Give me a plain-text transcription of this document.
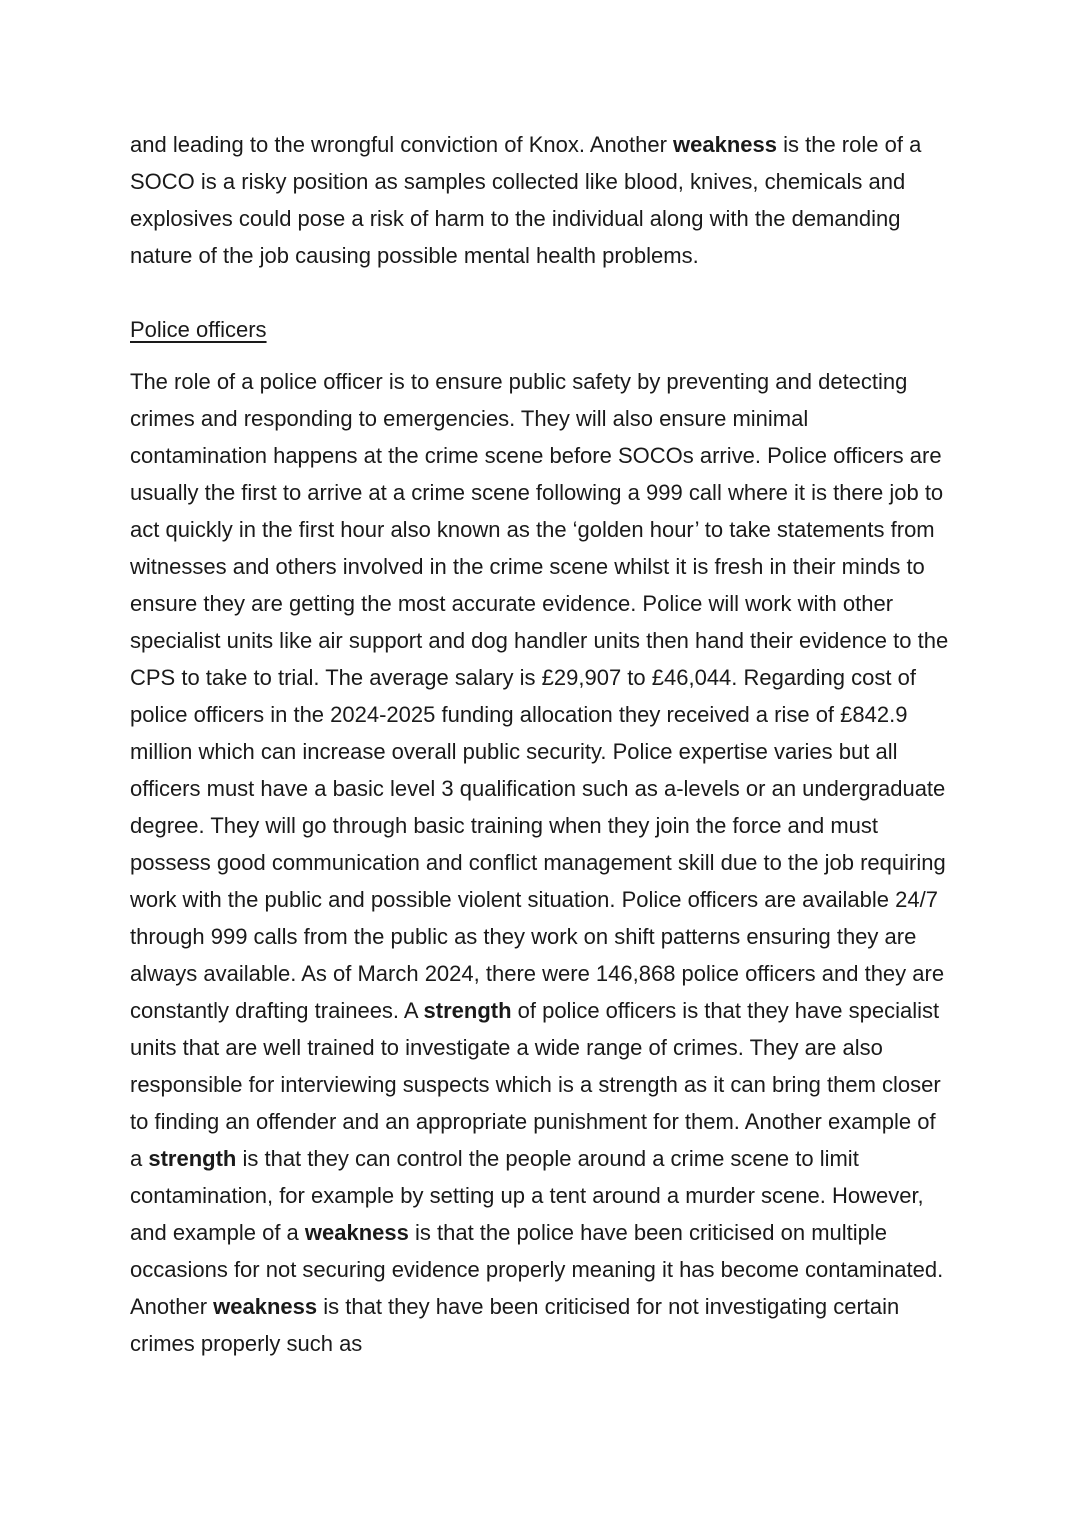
and leading to the wrongful conviction of Knox. Another weakness is the role of a SOCO is a risky position as samples collected like blood, knives, chemicals and explosives could pose a risk of harm to the individual along with the demanding nature of the job causing possible mental health problems.
Police officers
The role of a police officer is to ensure public safety by preventing and detecting crimes and responding to emergencies. They will also ensure minimal contamination happens at the crime scene before SOCOs arrive. Police officers are usually the first to arrive at a crime scene following a 999 call where it is there job to act quickly in the first hour also known as the ‘golden hour’ to take statements from witnesses and others involved in the crime scene whilst it is fresh in their minds to ensure they are getting the most accurate evidence. Police will work with other specialist units like air support and dog handler units then hand their evidence to the CPS to take to trial. The average salary is £29,907 to £46,044. Regarding cost of police officers in the 2024-2025 funding allocation they received a rise of £842.9 million which can increase overall public security. Police expertise varies but all officers must have a basic level 3 qualification such as a-levels or an undergraduate degree. They will go through basic training when they join the force and must possess good communication and conflict management skill due to the job requiring work with the public and possible violent situation. Police officers are available 24/7 through 999 calls from the public as they work on shift patterns ensuring they are always available. As of March 2024, there were 146,868 police officers and they are constantly drafting trainees. A strength of police officers is that they have specialist units that are well trained to investigate a wide range of crimes. They are also responsible for interviewing suspects which is a strength as it can bring them closer to finding an offender and an appropriate punishment for them. Another example of a strength is that they can control the people around a crime scene to limit contamination, for example by setting up a tent around a murder scene. However, and example of a weakness is that the police have been criticised on multiple occasions for not securing evidence properly meaning it has become contaminated. Another weakness is that they have been criticised for not investigating certain crimes properly such as
